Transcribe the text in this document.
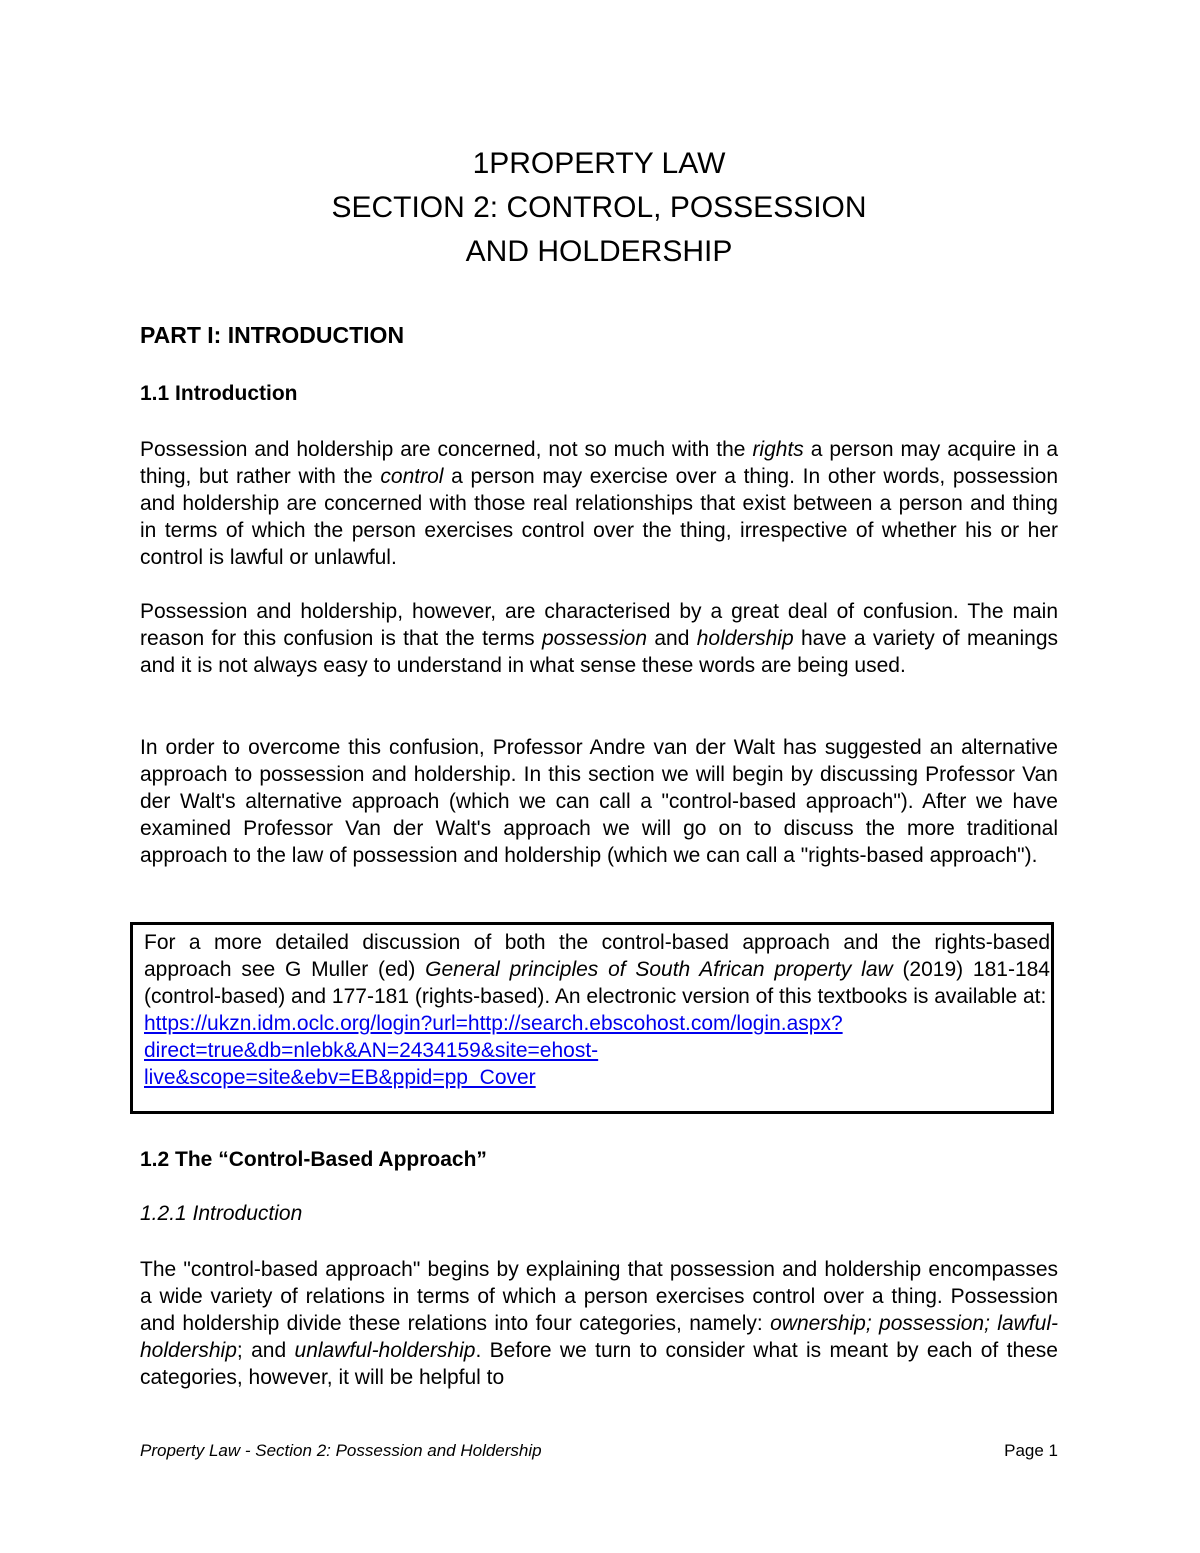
1PROPERTY LAW
SECTION 2: CONTROL, POSSESSION
AND HOLDERSHIP
PART I: INTRODUCTION
1.1 Introduction

Possession and holdership are concerned, not so much with the rights a person may acquire in a thing, but rather with the control a person may exercise over a thing. In other words, possession and holdership are concerned with those real relationships that exist between a person and thing in terms of which the person exercises control over the thing, irrespective of whether his or her control is lawful or unlawful.

Possession and holdership, however, are characterised by a great deal of confusion. The main reason for this confusion is that the terms possession and holdership have a variety of meanings and it is not always easy to understand in what sense these words are being used.

In order to overcome this confusion, Professor Andre van der Walt has suggested an alternative approach to possession and holdership. In this section we will begin by discussing Professor Van der Walt's alternative approach (which we can call a "control-based approach"). After we have examined Professor Van der Walt's approach we will go on to discuss the more traditional approach to the law of possession and holdership (which we can call a "rights-based approach").

For a more detailed discussion of both the control-based approach and the rights-based approach see G Muller (ed) General principles of South African property law (2019) 181-184 (control-based) and 177-181 (rights-based). An electronic version of this textbooks is available at:

https://ukzn.idm.oclc.org/login?url=http://search.ebscohost.com/login.aspx?
direct=true&db=nlebk&AN=2434159&site=ehost-
live&scope=site&ebv=EB&ppid=pp_Cover
1.2 The “Control-Based Approach”
1.2.1 Introduction

The "control-based approach" begins by explaining that possession and holdership encompasses a wide variety of relations in terms of which a person exercises control over a thing. Possession and holdership divide these relations into four categories, namely: ownership; possession; lawful-holdership; and unlawful-holdership. Before we turn to consider what is meant by each of these categories, however, it will be helpful to

Property Law - Section 2: Possession and Holdership	Page 1
